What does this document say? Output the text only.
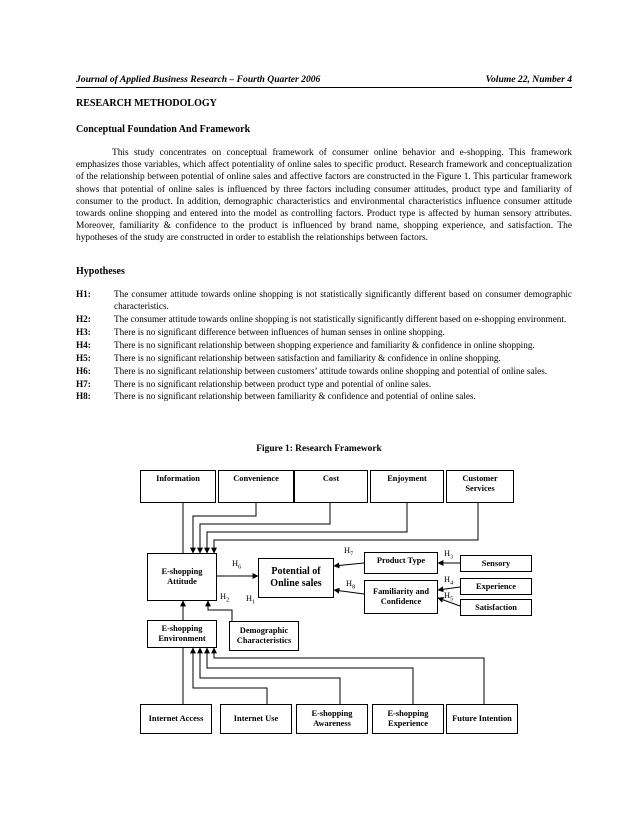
Journal of Applied Business Research – Fourth Quarter 2006	Volume 22, Number 4
RESEARCH METHODOLOGY
Conceptual Foundation And Framework

This study concentrates on conceptual framework of consumer online behavior and e-shopping. This framework emphasizes those variables, which affect potentiality of online sales to specific product. Research framework and conceptualization of the relationship between potential of online sales and affective factors are constructed in the Figure 1. This particular framework shows that potential of online sales is influenced by three factors including consumer attitudes, product type and familiarity of consumer to the product. In addition, demographic characteristics and environmental characteristics influence consumer attitude towards online shopping and entered into the model as controlling factors. Product type is affected by human sensory attributes. Moreover, familiarity & confidence to the product is influenced by brand name, shopping experience, and satisfaction. The hypotheses of the study are constructed in order to establish the relationships between factors.

Hypotheses
H1:	The consumer attitude towards online shopping is not statistically significantly different based on consumer demographic characteristics.
H2:	The consumer attitude towards online shopping is not statistically significantly different based on e-shopping environment.
H3:	There is no significant difference between influences of human senses in online shopping.
H4:	There is no significant relationship between shopping experience and familiarity & confidence in online shopping.
H5:	There is no significant relationship between satisfaction and familiarity & confidence in online shopping.
H6:	There is no significant relationship between customers’ attitude towards online shopping and potential of online sales.
H7:	There is no significant relationship between product type and potential of online sales.
H8:	There is no significant relationship between familiarity & confidence and potential of online sales.
Figure 1: Research Framework
Information	Convenience	Cost	Enjoyment	Customer Services
E-shopping Attitude
Potential of Online sales
Product Type
Familiarity and Confidence
Sensory
Experience
Satisfaction
E-shopping Environment
Demographic Characteristics
Internet Access	Internet Use
E-shopping Awareness
E-shopping Experience
Future Intention
$H_6$
$H_2$ $H_1$
$H_7$
$H_8$
$H_3$
$H_4$
$H_5$
